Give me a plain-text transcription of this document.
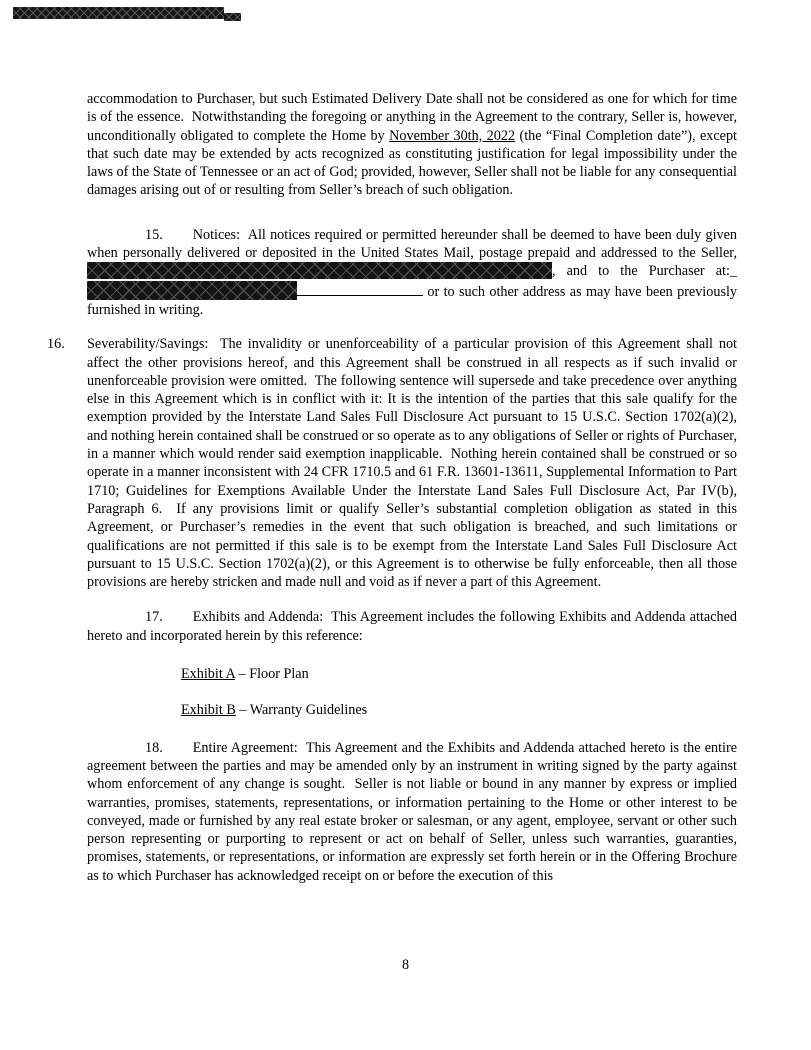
accommodation to Purchaser, but such Estimated Delivery Date shall not be considered as one for which for time is of the essence.  Notwithstanding the foregoing or anything in the Agreement to the contrary, Seller is, however, unconditionally obligated to complete the Home by November 30th, 2022 (the “Final Completion date”), except that such date may be extended by acts recognized as constituting justification for legal impossibility under the laws of the State of Tennessee or an act of God; provided, however, Seller shall not be liable for any consequential damages arising out of or resulting from Seller’s breach of such obligation.

15. Notices:  All notices required or permitted hereunder shall be deemed to have been duly given when personally delivered or deposited in the United States Mail, postage prepaid and addressed to the Seller,, and to the Purchaser at:_  or to such other address as may have been previously furnished in writing.

16. Severability/Savings:  The invalidity or unenforceability of a particular provision of this Agreement shall not affect the other provisions hereof, and this Agreement shall be construed in all respects as if such invalid or unenforceable provision were omitted.  The following sentence will supersede and take precedence over anything else in this Agreement which is in conflict with it: It is the intention of the parties that this sale qualify for the exemption provided by the Interstate Land Sales Full Disclosure Act pursuant to 15 U.S.C. Section 1702(a)(2), and nothing herein contained shall be construed or so operate as to any obligations of Seller or rights of Purchaser, in a manner which would render said exemption inapplicable.  Nothing herein contained shall be construed or so operate in a manner inconsistent with 24 CFR 1710.5 and 61 F.R. 13601-13611, Supplemental Information to Part 1710; Guidelines for Exemptions Available Under the Interstate Land Sales Full Disclosure Act, Par IV(b), Paragraph 6.  If any provisions limit or qualify Seller’s substantial completion obligation as stated in this Agreement, or Purchaser’s remedies in the event that such obligation is breached, and such limitations or qualifications are not permitted if this sale is to be exempt from the Interstate Land Sales Full Disclosure Act pursuant to 15 U.S.C. Section 1702(a)(2), or this Agreement is to otherwise be fully enforceable, then all those provisions are hereby stricken and made null and void as if never a part of this Agreement.

17. Exhibits and Addenda:  This Agreement includes the following Exhibits and Addenda attached hereto and incorporated herein by this reference:

Exhibit A – Floor Plan

Exhibit B – Warranty Guidelines

18. Entire Agreement:  This Agreement and the Exhibits and Addenda attached hereto is the entire agreement between the parties and may be amended only by an instrument in writing signed by the party against whom enforcement of any change is sought.  Seller is not liable or bound in any manner by express or implied warranties, promises, statements, representations, or information pertaining to the Home or other interest to be conveyed, made or furnished by any real estate broker or salesman, or any agent, employee, servant or other such person representing or purporting to represent or act on behalf of Seller, unless such warranties, guaranties, promises, statements, or representations, or information are expressly set forth herein or in the Offering Brochure as to which Purchaser has acknowledged receipt on or before the execution of this

8
